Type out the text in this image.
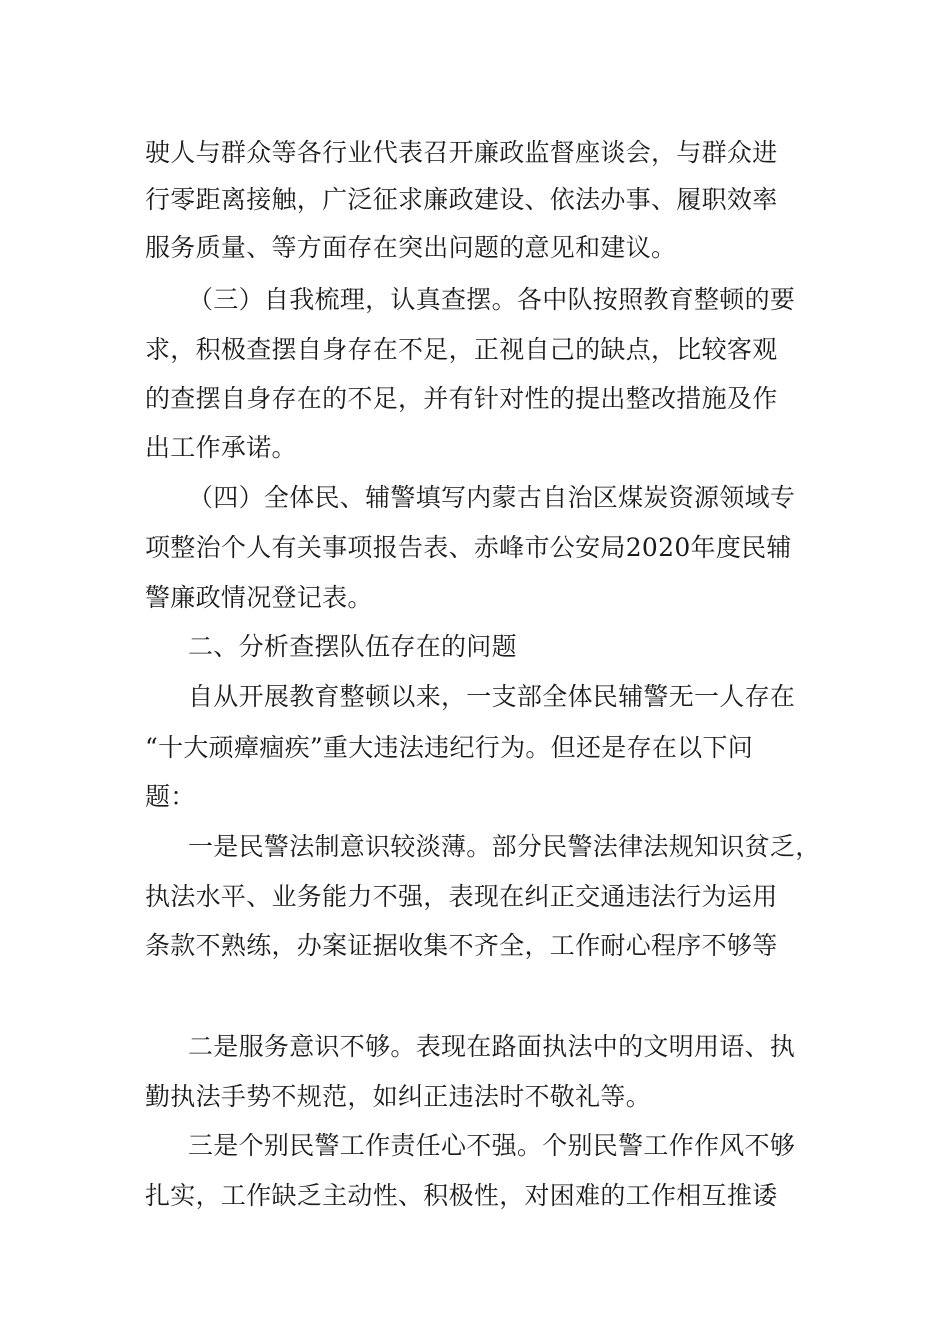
驶人与群众等各行业代表召开廉政监督座谈会，与群众进
行零距离接触，广泛征求廉政建设、依法办事、履职效率
服务质量、等方面存在突出问题的意见和建议。
（三）自我梳理，认真查摆。各中队按照教育整顿的要
求，积极查摆自身存在不足，正视自己的缺点，比较客观
的查摆自身存在的不足，并有针对性的提出整改措施及作
出工作承诺。
（四）全体民、辅警填写内蒙古自治区煤炭资源领域专
项整治个人有关事项报告表、赤峰市公安局2020年度民辅
警廉政情况登记表。
二、分析查摆队伍存在的问题
自从开展教育整顿以来，一支部全体民辅警无一人存在
“十大顽瘴痼疾”重大违法违纪行为。但还是存在以下问
题：
一是民警法制意识较淡薄。部分民警法律法规知识贫乏，
执法水平、业务能力不强，表现在纠正交通违法行为运用
条款不熟练，办案证据收集不齐全，工作耐心程序不够等
二是服务意识不够。表现在路面执法中的文明用语、执
勤执法手势不规范，如纠正违法时不敬礼等。
三是个别民警工作责任心不强。个别民警工作作风不够
扎实，工作缺乏主动性、积极性，对困难的工作相互推诿
